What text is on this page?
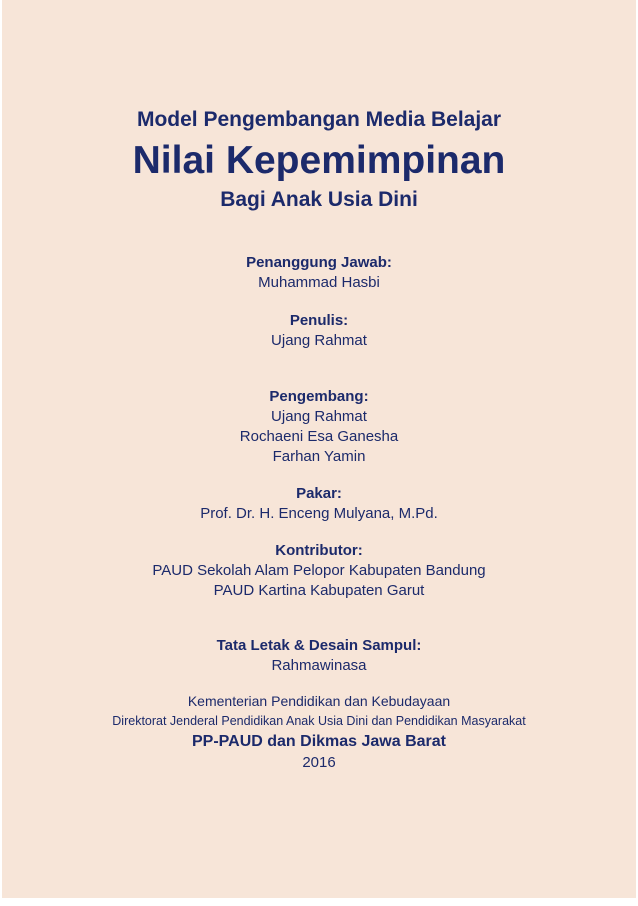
Model Pengembangan Media Belajar
Nilai Kepemimpinan
Bagi Anak Usia Dini
Penanggung Jawab:
Muhammad Hasbi
Penulis:
Ujang Rahmat
Pengembang:
Ujang Rahmat
Rochaeni Esa Ganesha
Farhan Yamin
Pakar:
Prof. Dr. H. Enceng Mulyana, M.Pd.
Kontributor:
PAUD Sekolah Alam Pelopor Kabupaten Bandung
PAUD Kartina Kabupaten Garut
Tata Letak & Desain Sampul:
Rahmawinasa
Kementerian Pendidikan dan Kebudayaan
Direktorat Jenderal Pendidikan Anak Usia Dini dan Pendidikan Masyarakat
PP-PAUD dan Dikmas Jawa Barat
2016
